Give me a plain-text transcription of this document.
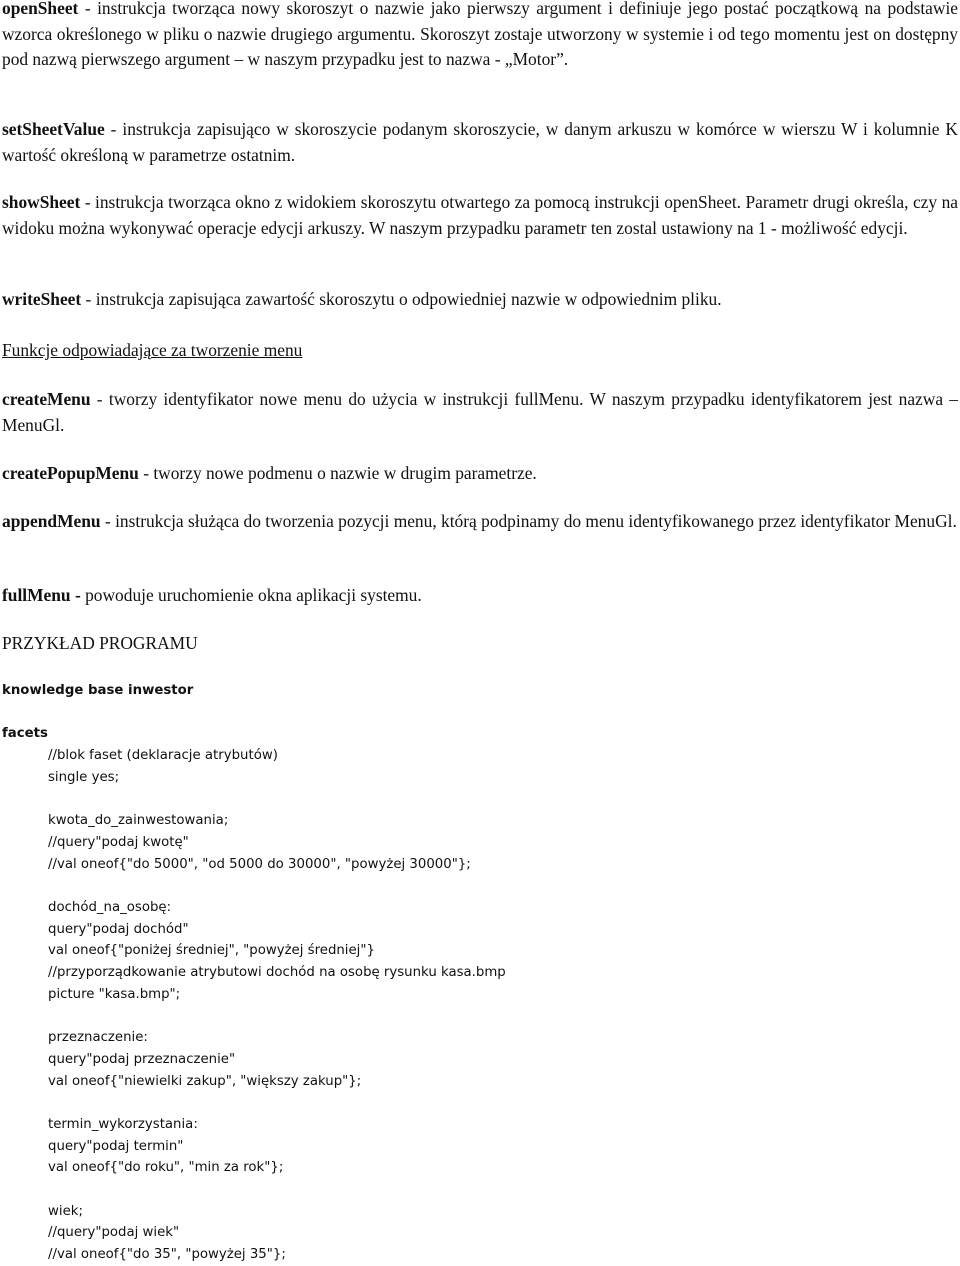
openSheet - instrukcja tworząca nowy skoroszyt o nazwie jako pierwszy argument i definiuje jego postać początkową na podstawie wzorca określonego w pliku o nazwie drugiego argumentu. Skoroszyt zostaje utworzony w systemie i od tego momentu jest on dostępny pod nazwą pierwszego argument – w naszym przypadku jest to nazwa - „Motor”.

setSheetValue - instrukcja zapisująco w skoroszycie podanym skoroszycie, w danym arkuszu w komórce w wierszu W i kolumnie K wartość określoną w parametrze ostatnim.

showSheet - instrukcja tworząca okno z widokiem skoroszytu otwartego za pomocą instrukcji openSheet. Parametr drugi określa, czy na widoku można wykonywać operacje edycji arkuszy. W naszym przypadku parametr ten zostal ustawiony na 1 - możliwość edycji.

writeSheet - instrukcja zapisująca zawartość skoroszytu o odpowiedniej nazwie w odpowiednim pliku.

Funkcje odpowiadające za tworzenie menu

createMenu - tworzy identyfikator nowe menu do użycia w instrukcji fullMenu. W naszym przypadku identyfikatorem jest nazwa – MenuGl.

createPopupMenu - tworzy nowe podmenu o nazwie w drugim parametrze.

appendMenu - instrukcja służąca do tworzenia pozycji menu, którą podpinamy do menu identyfikowanego przez identyfikator MenuGl.

fullMenu - powoduje uruchomienie okna aplikacji systemu.

PRZYKŁAD PROGRAMU

knowledge base inwestor
facets
//blok faset (deklaracje atrybutów)
single yes;
kwota_do_zainwestowania;
//query"podaj kwotę"
//val oneof{"do 5000", "od 5000 do 30000", "powyżej 30000"};
dochód_na_osobę:
query"podaj dochód"
val oneof{"poniżej średniej", "powyżej średniej"}
//przyporządkowanie atrybutowi dochód na osobę rysunku kasa.bmp
picture "kasa.bmp";
przeznaczenie:
query"podaj przeznaczenie"
val oneof{"niewielki zakup", "większy zakup"};
termin_wykorzystania:
query"podaj termin"
val oneof{"do roku", "min za rok"};
wiek;
//query"podaj wiek"
//val oneof{"do 35", "powyżej 35"};
